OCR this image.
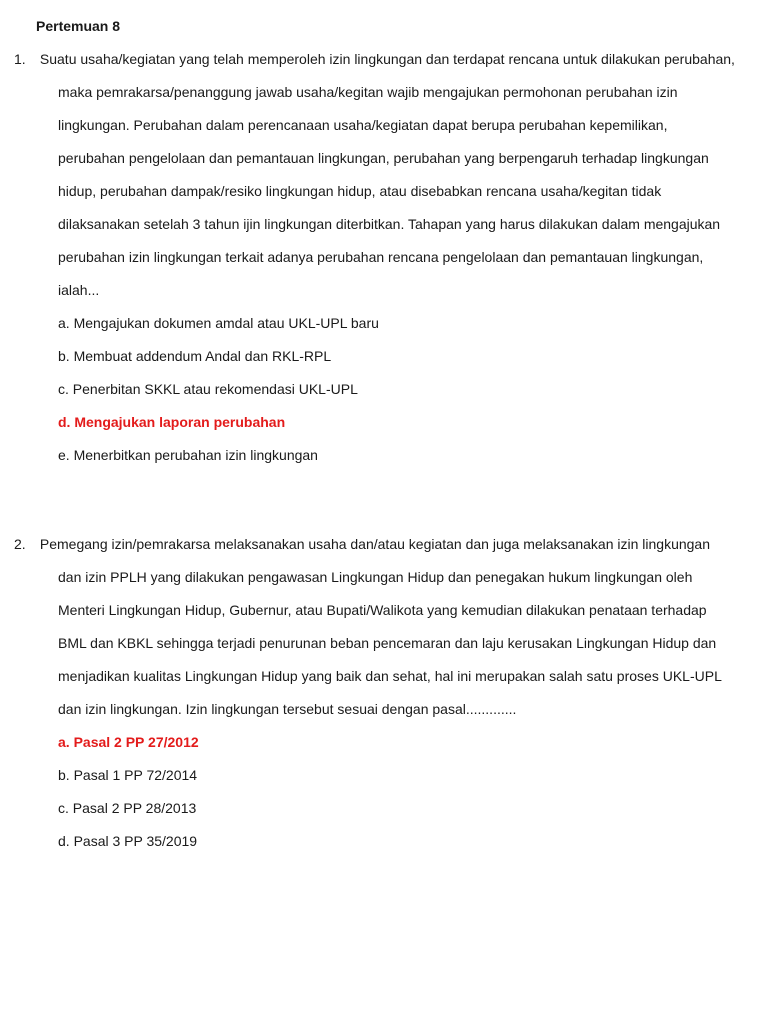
Pertemuan 8

1. Suatu usaha/kegiatan yang telah memperoleh izin lingkungan dan terdapat rencana untuk dilakukan perubahan, maka pemrakarsa/penanggung jawab usaha/kegitan wajib mengajukan permohonan perubahan izin lingkungan. Perubahan dalam perencanaan usaha/kegiatan dapat berupa perubahan kepemilikan, perubahan pengelolaan dan pemantauan lingkungan, perubahan yang berpengaruh terhadap lingkungan hidup, perubahan dampak/resiko lingkungan hidup, atau disebabkan rencana usaha/kegitan tidak dilaksanakan setelah 3 tahun ijin lingkungan diterbitkan. Tahapan yang harus dilakukan dalam mengajukan perubahan izin lingkungan terkait adanya perubahan rencana pengelolaan dan pemantauan lingkungan, ialah...

a. Mengajukan dokumen amdal atau UKL-UPL baru
b. Membuat addendum Andal dan RKL-RPL
c. Penerbitan SKKL atau rekomendasi UKL-UPL
d. Mengajukan laporan perubahan
e. Menerbitkan perubahan izin lingkungan

2. Pemegang izin/pemrakarsa melaksanakan usaha dan/atau kegiatan dan juga melaksanakan izin lingkungan dan izin PPLH yang dilakukan pengawasan Lingkungan Hidup dan penegakan hukum lingkungan oleh Menteri Lingkungan Hidup, Gubernur, atau Bupati/Walikota yang kemudian dilakukan penataan terhadap BML dan KBKL sehingga terjadi penurunan beban pencemaran dan laju kerusakan Lingkungan Hidup dan menjadikan kualitas Lingkungan Hidup yang baik dan sehat, hal ini merupakan salah satu proses UKL-UPL dan izin lingkungan. Izin lingkungan tersebut sesuai dengan pasal.............

a. Pasal 2 PP 27/2012
b. Pasal 1 PP 72/2014
c. Pasal 2 PP 28/2013
d. Pasal 3 PP 35/2019
